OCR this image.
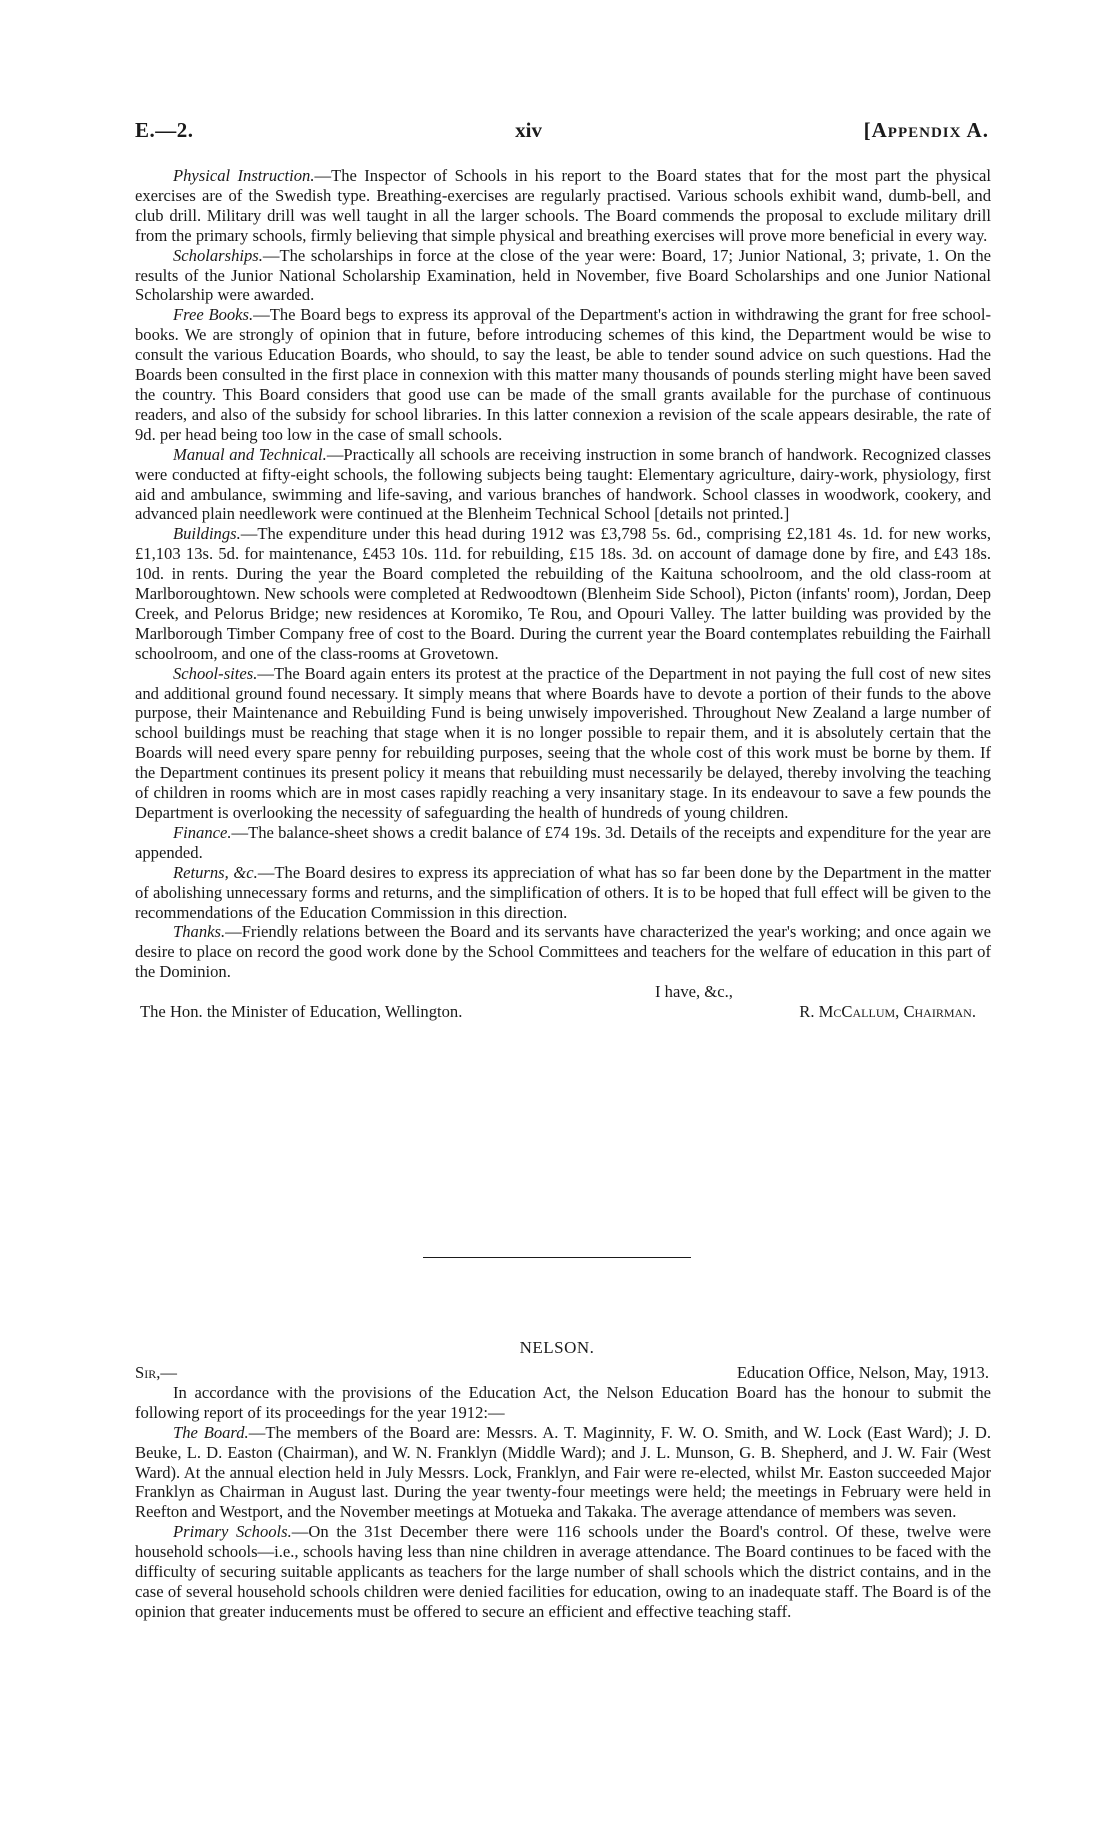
E.—2.	xiv	[Appendix A.

Physical Instruction.—The Inspector of Schools in his report to the Board states that for the most part the physical exercises are of the Swedish type. Breathing-exercises are regularly practised. Various schools exhibit wand, dumb-bell, and club drill. Military drill was well taught in all the larger schools. The Board commends the proposal to exclude military drill from the primary schools, firmly believing that simple physical and breathing exercises will prove more beneficial in every way.

Scholarships.—The scholarships in force at the close of the year were: Board, 17; Junior National, 3; private, 1. On the results of the Junior National Scholarship Examination, held in November, five Board Scholarships and one Junior National Scholarship were awarded.

Free Books.—The Board begs to express its approval of the Department's action in withdrawing the grant for free school-books. We are strongly of opinion that in future, before introducing schemes of this kind, the Department would be wise to consult the various Education Boards, who should, to say the least, be able to tender sound advice on such questions. Had the Boards been consulted in the first place in connexion with this matter many thousands of pounds sterling might have been saved the country. This Board considers that good use can be made of the small grants available for the purchase of continuous readers, and also of the subsidy for school libraries. In this latter connexion a revision of the scale appears desirable, the rate of 9d. per head being too low in the case of small schools.

Manual and Technical.—Practically all schools are receiving instruction in some branch of handwork. Recognized classes were conducted at fifty-eight schools, the following subjects being taught: Elementary agriculture, dairy-work, physiology, first aid and ambulance, swimming and life-saving, and various branches of handwork. School classes in woodwork, cookery, and advanced plain needlework were continued at the Blenheim Technical School [details not printed.]

Buildings.—The expenditure under this head during 1912 was £3,798 5s. 6d., comprising £2,181 4s. 1d. for new works, £1,103 13s. 5d. for maintenance, £453 10s. 11d. for rebuilding, £15 18s. 3d. on account of damage done by fire, and £43 18s. 10d. in rents. During the year the Board completed the rebuilding of the Kaituna schoolroom, and the old class-room at Marlboroughtown. New schools were completed at Redwoodtown (Blenheim Side School), Picton (infants' room), Jordan, Deep Creek, and Pelorus Bridge; new residences at Koromiko, Te Rou, and Opouri Valley. The latter building was provided by the Marlborough Timber Company free of cost to the Board. During the current year the Board contemplates rebuilding the Fairhall schoolroom, and one of the class-rooms at Grovetown.

School-sites.—The Board again enters its protest at the practice of the Department in not paying the full cost of new sites and additional ground found necessary. It simply means that where Boards have to devote a portion of their funds to the above purpose, their Maintenance and Rebuilding Fund is being unwisely impoverished. Throughout New Zealand a large number of school buildings must be reaching that stage when it is no longer possible to repair them, and it is absolutely certain that the Boards will need every spare penny for rebuilding purposes, seeing that the whole cost of this work must be borne by them. If the Department continues its present policy it means that rebuilding must necessarily be delayed, thereby involving the teaching of children in rooms which are in most cases rapidly reaching a very insanitary stage. In its endeavour to save a few pounds the Department is overlooking the necessity of safeguarding the health of hundreds of young children.

Finance.—The balance-sheet shows a credit balance of £74 19s. 3d. Details of the receipts and expenditure for the year are appended.

Returns, &c.—The Board desires to express its appreciation of what has so far been done by the Department in the matter of abolishing unnecessary forms and returns, and the simplification of others. It is to be hoped that full effect will be given to the recommendations of the Education Commission in this direction.

Thanks.—Friendly relations between the Board and its servants have characterized the year's working; and once again we desire to place on record the good work done by the School Committees and teachers for the welfare of education in this part of the Dominion.

I have, &c.,

The Hon. the Minister of Education, Wellington.	R. McCallum, Chairman.

NELSON.

Sir,—	Education Office, Nelson, May, 1913.

In accordance with the provisions of the Education Act, the Nelson Education Board has the honour to submit the following report of its proceedings for the year 1912:—

The Board.—The members of the Board are: Messrs. A. T. Maginnity, F. W. O. Smith, and W. Lock (East Ward); J. D. Beuke, L. D. Easton (Chairman), and W. N. Franklyn (Middle Ward); and J. L. Munson, G. B. Shepherd, and J. W. Fair (West Ward). At the annual election held in July Messrs. Lock, Franklyn, and Fair were re-elected, whilst Mr. Easton succeeded Major Franklyn as Chairman in August last. During the year twenty-four meetings were held; the meetings in February were held in Reefton and Westport, and the November meetings at Motueka and Takaka. The average attendance of members was seven.

Primary Schools.—On the 31st December there were 116 schools under the Board's control. Of these, twelve were household schools—i.e., schools having less than nine children in average attendance. The Board continues to be faced with the difficulty of securing suitable applicants as teachers for the large number of shall schools which the district contains, and in the case of several household schools children were denied facilities for education, owing to an inadequate staff. The Board is of the opinion that greater inducements must be offered to secure an efficient and effective teaching staff.
